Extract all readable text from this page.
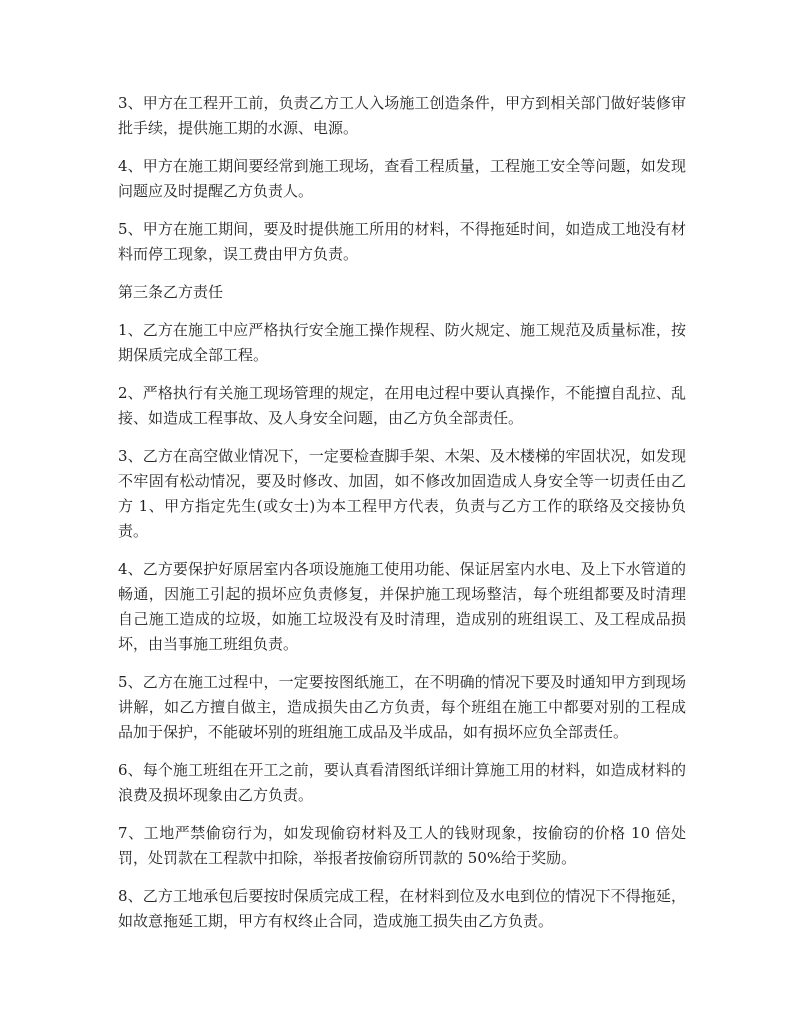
3、甲方在工程开工前，负责乙方工人入场施工创造条件，甲方到相关部门做好装修审批手续，提供施工期的水源、电源。

4、甲方在施工期间要经常到施工现场，查看工程质量，工程施工安全等问题，如发现问题应及时提醒乙方负责人。

5、甲方在施工期间，要及时提供施工所用的材料，不得拖延时间，如造成工地没有材料而停工现象，误工费由甲方负责。

第三条乙方责任

1、乙方在施工中应严格执行安全施工操作规程、防火规定、施工规范及质量标准，按期保质完成全部工程。

2、严格执行有关施工现场管理的规定，在用电过程中要认真操作，不能擅自乱拉、乱接、如造成工程事故、及人身安全问题，由乙方负全部责任。

3、乙方在高空做业情况下，一定要检查脚手架、木架、及木楼梯的牢固状况，如发现不牢固有松动情况，要及时修改、加固，如不修改加固造成人身安全等一切责任由乙方 1、甲方指定先生(或女士)为本工程甲方代表，负责与乙方工作的联络及交接协负责。

4、乙方要保护好原居室内各项设施施工使用功能、保证居室内水电、及上下水管道的畅通，因施工引起的损坏应负责修复，并保护施工现场整洁，每个班组都要及时清理自己施工造成的垃圾，如施工垃圾没有及时清理，造成别的班组误工、及工程成品损坏，由当事施工班组负责。

5、乙方在施工过程中，一定要按图纸施工，在不明确的情况下要及时通知甲方到现场讲解，如乙方擅自做主，造成损失由乙方负责，每个班组在施工中都要对别的工程成品加于保护，不能破坏别的班组施工成品及半成品，如有损坏应负全部责任。

6、每个施工班组在开工之前，要认真看清图纸详细计算施工用的材料，如造成材料的浪费及损坏现象由乙方负责。

7、工地严禁偷窃行为，如发现偷窃材料及工人的钱财现象，按偷窃的价格 10 倍处罚，处罚款在工程款中扣除，举报者按偷窃所罚款的 50%给于奖励。

8、乙方工地承包后要按时保质完成工程，在材料到位及水电到位的情况下不得拖延，如故意拖延工期，甲方有权终止合同，造成施工损失由乙方负责。
